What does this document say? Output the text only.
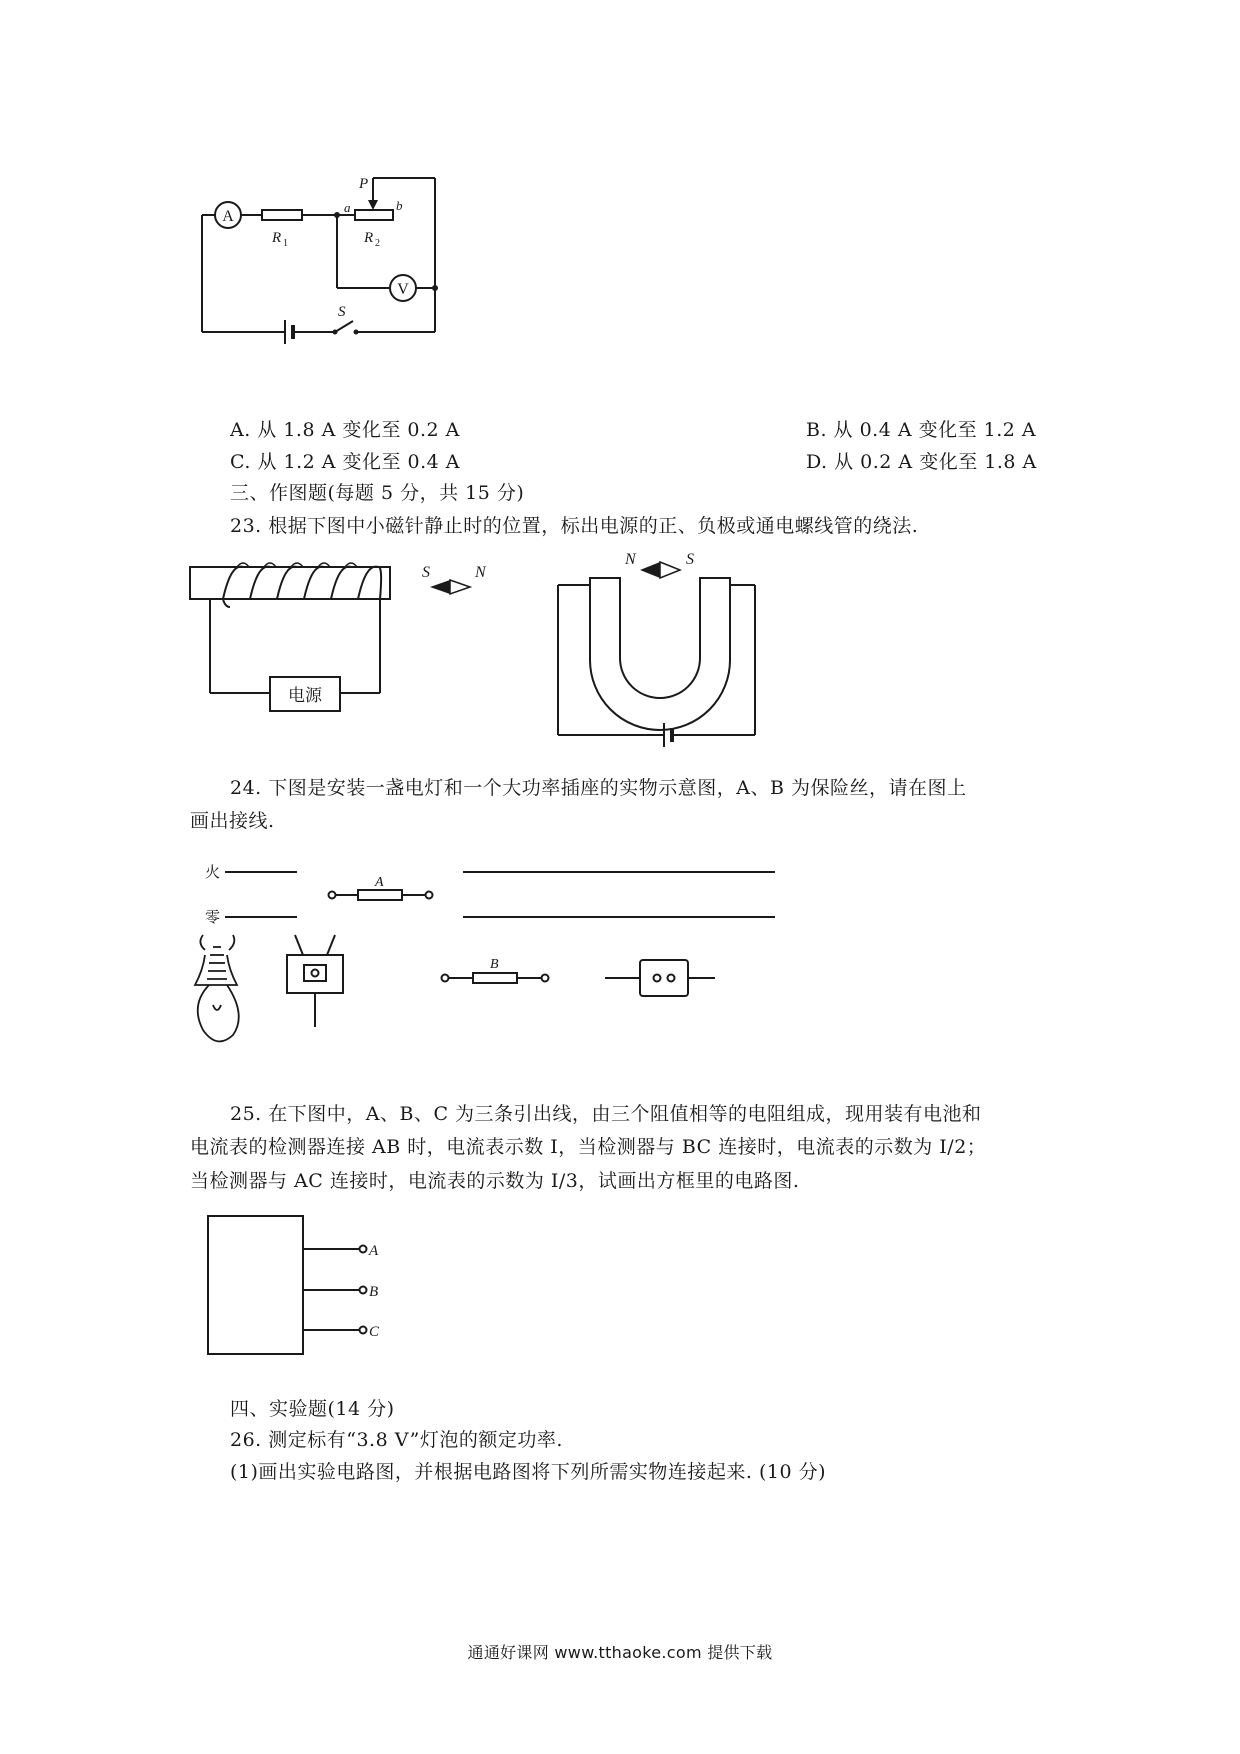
A
V
R 1	R 2
P
a	b
S
A. 从 1.8 A 变化至 0.2 A	B. 从 0.4 A 变化至 1.2 A
C. 从 1.2 A 变化至 0.4 A	D. 从 0.2 A 变化至 1.8 A
三、作图题(每题 5 分，共 15 分)
23. 根据下图中小磁针静止时的位置，标出电源的正、负极或通电螺线管的绕法.
电源
S	N
N	S
24. 下图是安装一盏电灯和一个大功率插座的实物示意图，A、B 为保险丝，请在图上
画出接线.
火
零
A
B
25. 在下图中，A、B、C 为三条引出线，由三个阻值相等的电阻组成，现用装有电池和
电流表的检测器连接 AB 时，电流表示数 I，当检测器与 BC 连接时，电流表的示数为 I/2；
当检测器与 AC 连接时，电流表的示数为 I/3，试画出方框里的电路图.
A
B
C
四、实验题(14 分)
26. 测定标有“3.8 V”灯泡的额定功率.
(1)画出实验电路图，并根据电路图将下列所需实物连接起来. (10 分)
通通好课网 www.tthaoke.com 提供下载
